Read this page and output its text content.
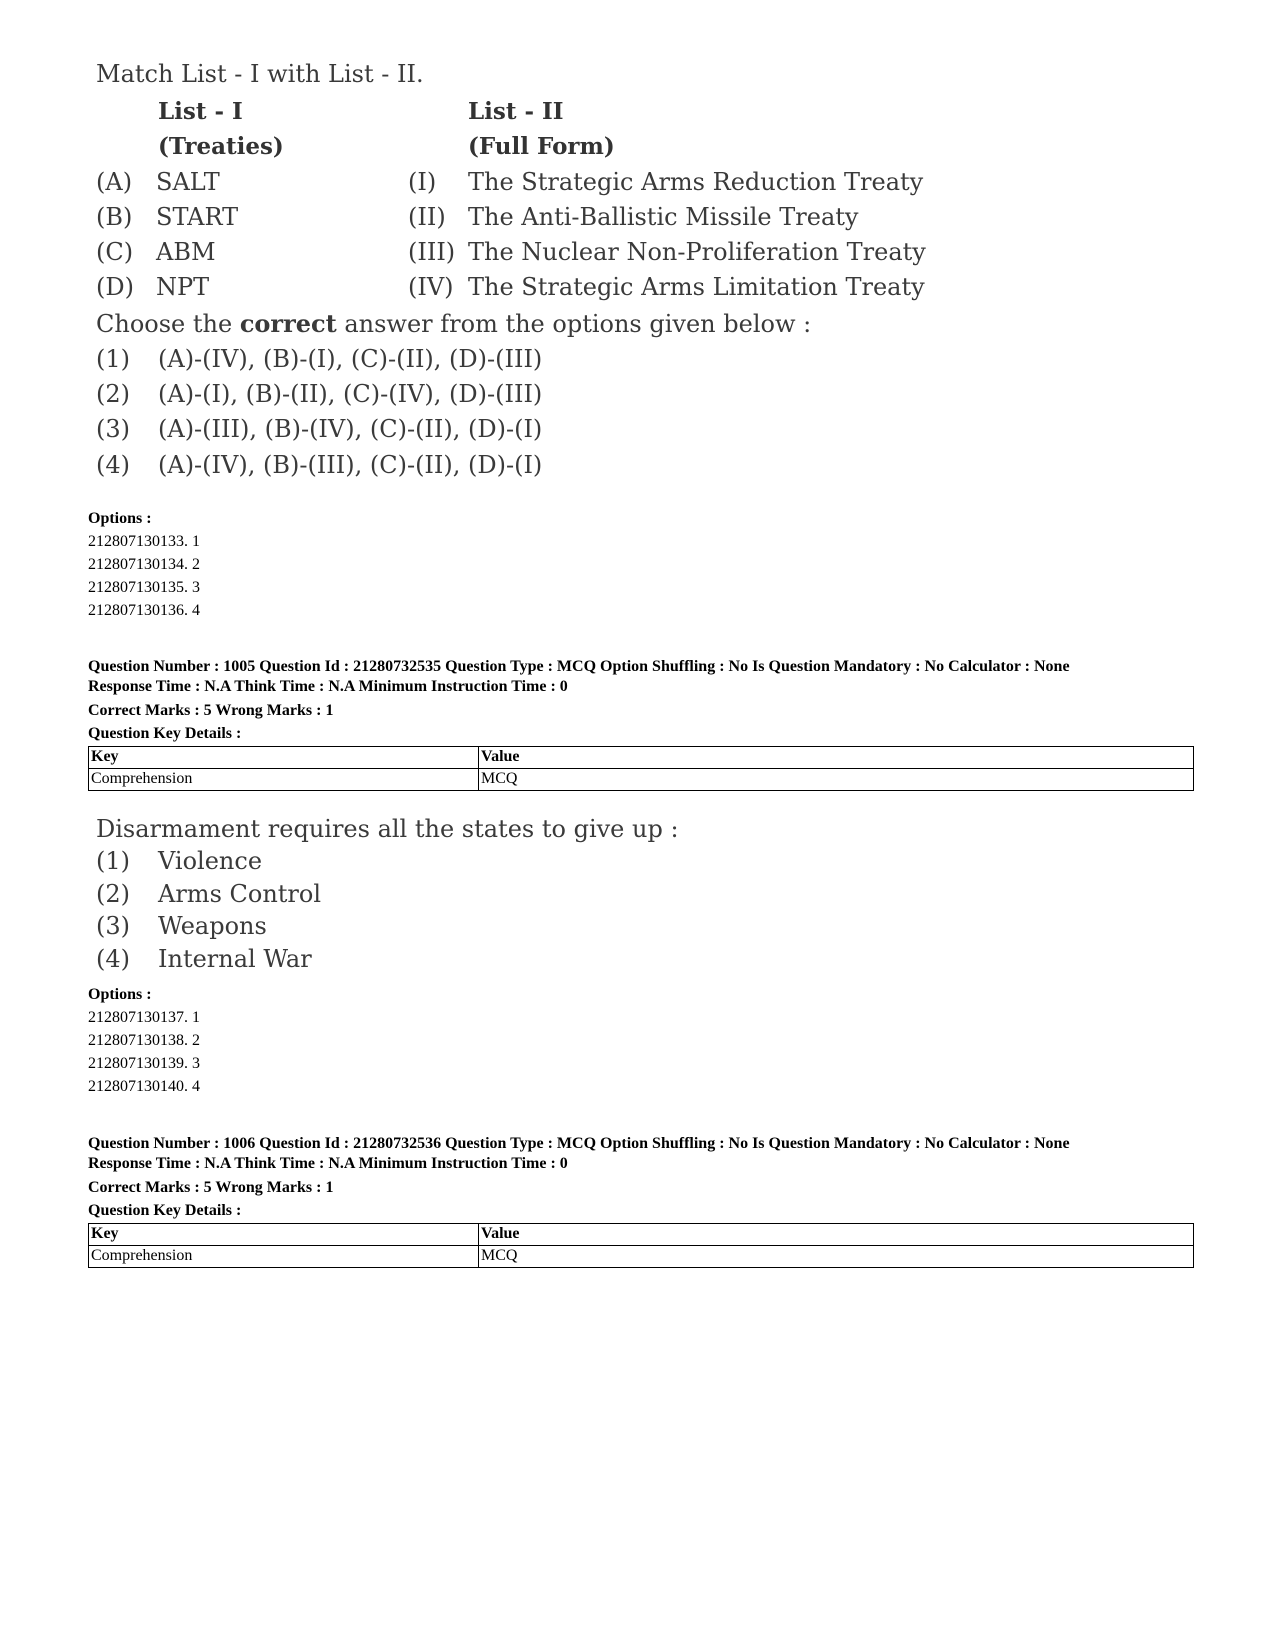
Match List - I with List - II.
List - I	List - II
(Treaties)	(Full Form)
(A) SALT	(I) The Strategic Arms Reduction Treaty
(B) START	(II) The Anti-Ballistic Missile Treaty
(C) ABM	(III) The Nuclear Non-Proliferation Treaty
(D) NPT	(IV) The Strategic Arms Limitation Treaty
Choose the correct answer from the options given below :
(1) (A)-(IV), (B)-(I), (C)-(II), (D)-(III)
(2) (A)-(I), (B)-(II), (C)-(IV), (D)-(III)
(3) (A)-(III), (B)-(IV), (C)-(II), (D)-(I)
(4) (A)-(IV), (B)-(III), (C)-(II), (D)-(I)
Options :
212807130133. 1
212807130134. 2
212807130135. 3
212807130136. 4
Question Number : 1005 Question Id : 21280732535 Question Type : MCQ Option Shuffling : No Is Question Mandatory : No Calculator : None
Response Time : N.A Think Time : N.A Minimum Instruction Time : 0
Correct Marks : 5 Wrong Marks : 1
Question Key Details :
Key	Value
Comprehension	MCQ
Disarmament requires all the states to give up :
(1) Violence
(2) Arms Control
(3) Weapons
(4) Internal War
Options :
212807130137. 1
212807130138. 2
212807130139. 3
212807130140. 4
Question Number : 1006 Question Id : 21280732536 Question Type : MCQ Option Shuffling : No Is Question Mandatory : No Calculator : None
Response Time : N.A Think Time : N.A Minimum Instruction Time : 0
Correct Marks : 5 Wrong Marks : 1
Question Key Details :
Key	Value
Comprehension	MCQ
